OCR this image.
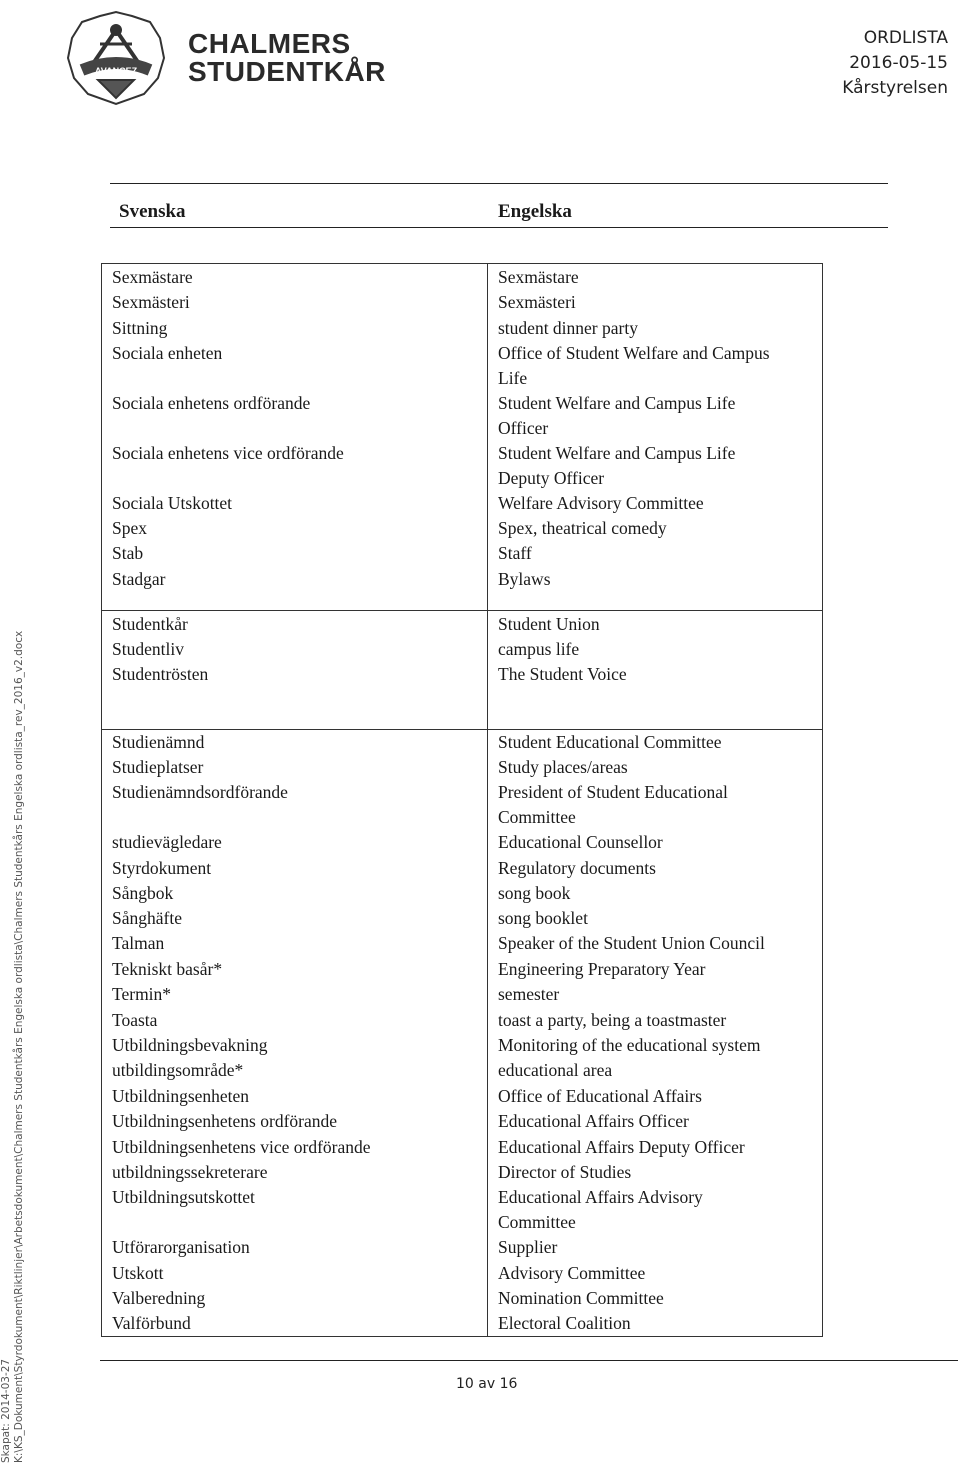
AVANCEZ
CHALMERS
STUDENTKÅR
ORDLISTA
2016-05-15
Kårstyrelsen
Svenska	Engelska
Sexmästare	Sexmästare
Sexmästeri	Sexmästeri
Sittning	student dinner party
Sociala enheten	Office of Student Welfare and Campus
Life
Sociala enhetens ordförande	Student Welfare and Campus Life
Officer
Sociala enhetens vice ordförande	Student Welfare and Campus Life
Deputy Officer
Sociala Utskottet	Welfare Advisory Committee
Spex	Spex, theatrical comedy
Stab	Staff
Stadgar	Bylaws
Studentkår	Student Union
Studentliv	campus life
Studentrösten	The Student Voice
Studienämnd	Student Educational Committee
Studieplatser	Study places/areas
Studienämndsordförande	President of Student Educational
Committee
studievägledare	Educational Counsellor
Styrdokument	Regulatory documents
Sångbok	song book
Sånghäfte	song booklet
Talman	Speaker of the Student Union Council
Tekniskt basår*	Engineering Preparatory Year
Termin*	semester
Toasta	toast a party, being a toastmaster
Utbildningsbevakning	Monitoring of the educational system
utbildingsområde*	educational area
Utbildningsenheten	Office of Educational Affairs
Utbildningsenhetens ordförande	Educational Affairs Officer
Utbildningsenhetens vice ordförande	Educational Affairs Deputy Officer
utbildningssekreterare	Director of Studies
Utbildningsutskottet	Educational Affairs Advisory
Committee
Utförarorganisation	Supplier
Utskott	Advisory Committee
Valberedning	Nomination Committee
Valförbund	Electoral Coalition
10 av 16
Skapat: 2014-03-27 K:\KS_Dokument\Styrdokument\Riktlinjer\Arbetsdokument\Chalmers Studentkårs Engelska ordlista\Chalmers Studentkårs Engelska ordlista_rev_2016_v2.docx
